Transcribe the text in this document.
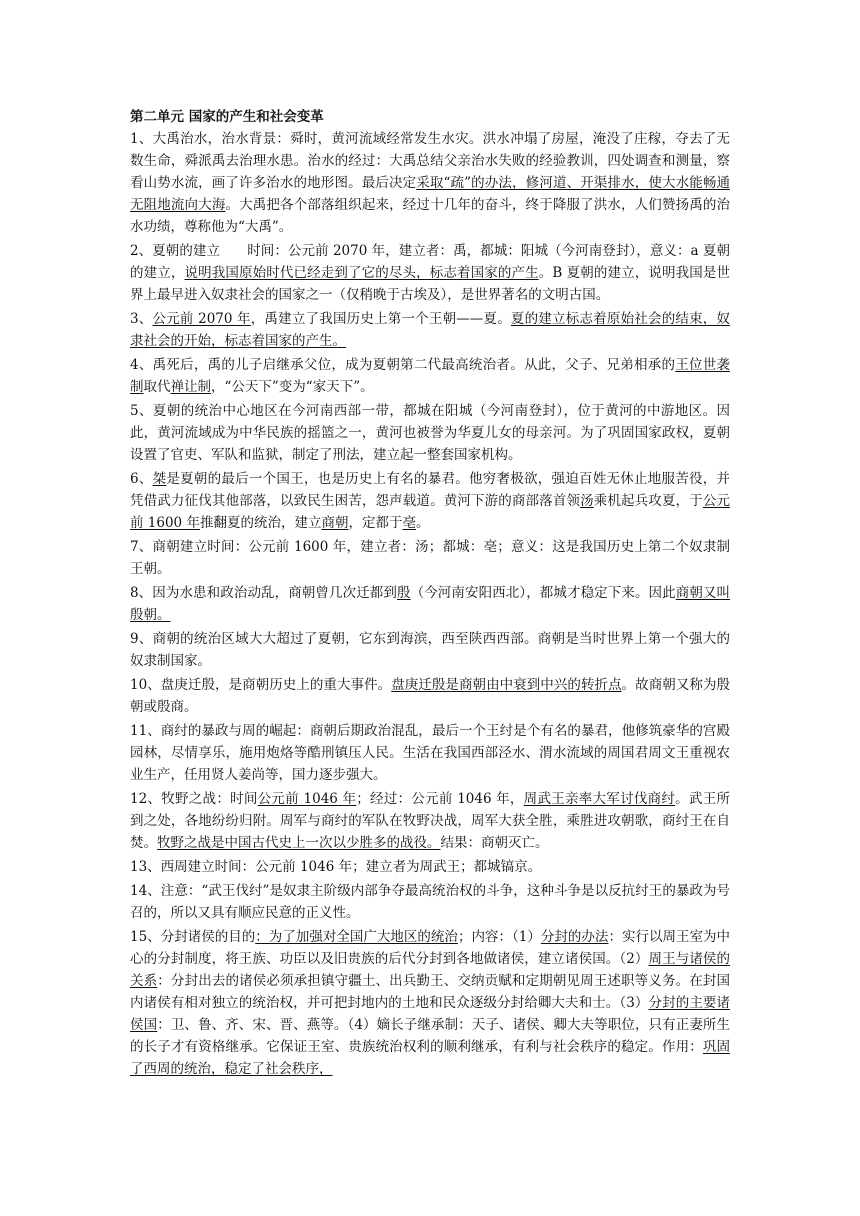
第二单元 国家的产生和社会变革
1、大禹治水，治水背景：舜时，黄河流域经常发生水灾。洪水冲塌了房屋，淹没了庄稼，夺去了无数生命，舜派禹去治理水患。治水的经过：大禹总结父亲治水失败的经验教训，四处调查和测量，察看山势水流，画了许多治水的地形图。最后决定采取“疏”的办法，修河道、开渠排水，使大水能畅通无阻地流向大海。大禹把各个部落组织起来，经过十几年的奋斗，终于降服了洪水，人们赞扬禹的治水功绩，尊称他为“大禹”。
2、夏朝的建立　　时间：公元前 2070 年，建立者：禹，都城：阳城（今河南登封），意义：a 夏朝的建立，说明我国原始时代已经走到了它的尽头，标志着国家的产生。B 夏朝的建立，说明我国是世界上最早进入奴隶社会的国家之一（仅稍晚于古埃及），是世界著名的文明古国。
3、公元前 2070 年，禹建立了我国历史上第一个王朝——夏。夏的建立标志着原始社会的结束，奴隶社会的开始，标志着国家的产生。
4、禹死后，禹的儿子启继承父位，成为夏朝第二代最高统治者。从此，父子、兄弟相承的王位世袭制取代禅让制，“公天下”变为“家天下”。
5、夏朝的统治中心地区在今河南西部一带，都城在阳城（今河南登封），位于黄河的中游地区。因此，黄河流域成为中华民族的摇篮之一，黄河也被誉为华夏儿女的母亲河。为了巩固国家政权，夏朝设置了官吏、军队和监狱，制定了刑法，建立起一整套国家机构。
6、桀是夏朝的最后一个国王，也是历史上有名的暴君。他穷奢极欲，强迫百姓无休止地服苦役，并凭借武力征伐其他部落，以致民生困苦，怨声载道。黄河下游的商部落首领汤乘机起兵攻夏，于公元前 1600 年推翻夏的统治，建立商朝，定都于亳。
7、商朝建立时间：公元前 1600 年，建立者：汤；都城：亳；意义：这是我国历史上第二个奴隶制王朝。
8、因为水患和政治动乱，商朝曾几次迁都到殷（今河南安阳西北），都城才稳定下来。因此商朝又叫殷朝。
9、商朝的统治区域大大超过了夏朝，它东到海滨，西至陕西西部。商朝是当时世界上第一个强大的奴隶制国家。
10、盘庚迁殷，是商朝历史上的重大事件。盘庚迁殷是商朝由中衰到中兴的转折点。故商朝又称为殷朝或殷商。
11、商纣的暴政与周的崛起：商朝后期政治混乱，最后一个王纣是个有名的暴君，他修筑豪华的宫殿园林，尽情享乐，施用炮烙等酷刑镇压人民。生活在我国西部泾水、渭水流域的周国君周文王重视农业生产，任用贤人姜尚等，国力逐步强大。
12、牧野之战：时间公元前 1046 年；经过：公元前 1046 年，周武王亲率大军讨伐商纣。武王所到之处，各地纷纷归附。周军与商纣的军队在牧野决战，周军大获全胜，乘胜进攻朝歌，商纣王在自焚。牧野之战是中国古代史上一次以少胜多的战役。结果：商朝灭亡。
13、西周建立时间：公元前 1046 年；建立者为周武王；都城镐京。
14、注意：“武王伐纣”是奴隶主阶级内部争夺最高统治权的斗争，这种斗争是以反抗纣王的暴政为号召的，所以又具有顺应民意的正义性。
15、分封诸侯的目的：为了加强对全国广大地区的统治；内容：（1）分封的办法：实行以周王室为中心的分封制度，将王族、功臣以及旧贵族的后代分封到各地做诸侯，建立诸侯国。（2）周王与诸侯的关系：分封出去的诸侯必须承担镇守疆土、出兵勤王、交纳贡赋和定期朝见周王述职等义务。在封国内诸侯有相对独立的统治权，并可把封地内的土地和民众逐级分封给卿大夫和士。（3）分封的主要诸侯国：卫、鲁、齐、宋、晋、燕等。（4）嫡长子继承制：天子、诸侯、卿大夫等职位，只有正妻所生的长子才有资格继承。它保证王室、贵族统治权利的顺利继承，有利与社会秩序的稳定。作用：巩固了西周的统治，稳定了社会秩序，
